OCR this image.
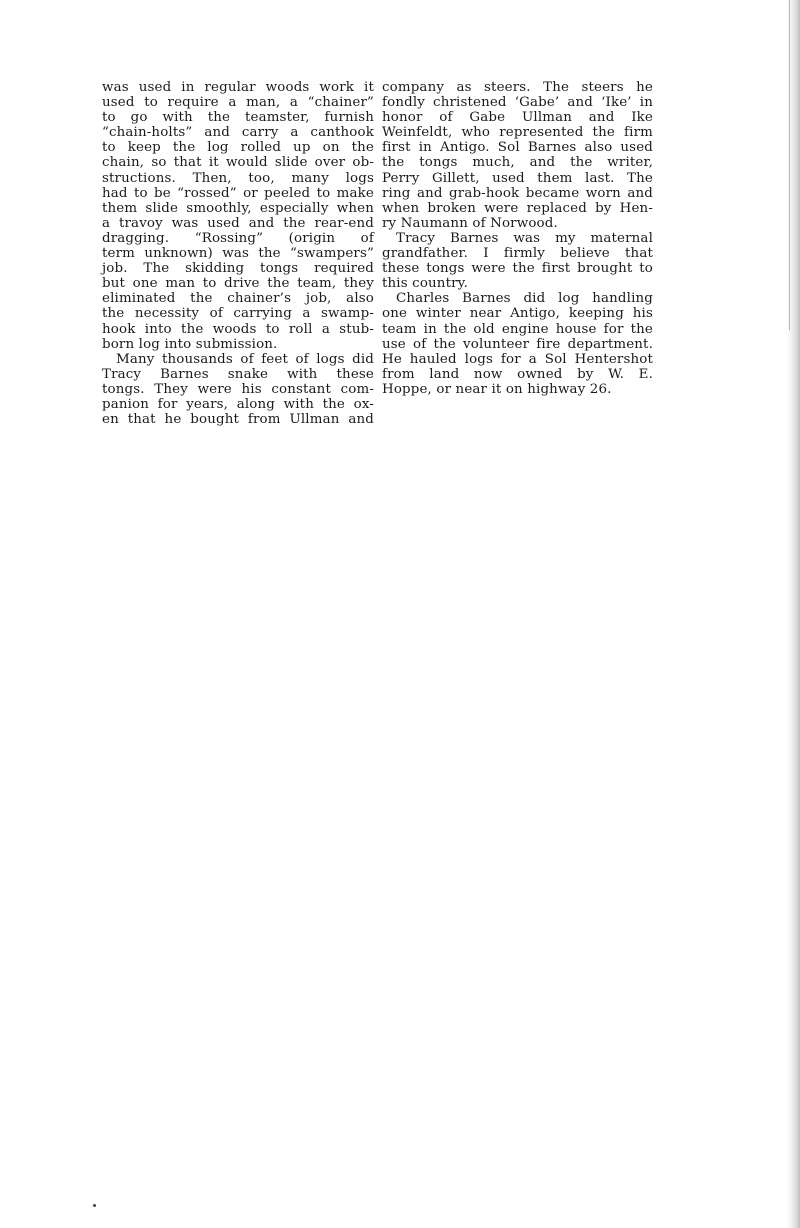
was used in regular woods work it
used to require a man, a “chainer”
to go with the teamster, furnish
“chain-holts” and carry a canthook
to keep the log rolled up on the
chain, so that it would slide over ob-
structions. Then, too, many logs
had to be “rossed” or peeled to make
them slide smoothly, especially when
a travoy was used and the rear-end
dragging. “Rossing” (origin of
term unknown) was the “swampers”
job. The skidding tongs required
but one man to drive the team, they
eliminated the chainer’s job, also
the necessity of carrying a swamp-
hook into the woods to roll a stub-
born log into submission.
Many thousands of feet of logs did
Tracy Barnes snake with these
tongs. They were his constant com-
panion for years, along with the ox-
en that he bought from Ullman and
company as steers. The steers he
fondly christened ‘Gabe’ and ‘Ike’ in
honor of Gabe Ullman and Ike
Weinfeldt, who represented the firm
first in Antigo. Sol Barnes also used
the tongs much, and the writer,
Perry Gillett, used them last. The
ring and grab-hook became worn and
when broken were replaced by Hen-
ry Naumann of Norwood.
Tracy Barnes was my maternal
grandfather. I firmly believe that
these tongs were the first brought to
this country.
Charles Barnes did log handling
one winter near Antigo, keeping his
team in the old engine house for the
use of the volunteer fire department.
He hauled logs for a Sol Hentershot
from land now owned by W. E.
Hoppe, or near it on highway 26.
